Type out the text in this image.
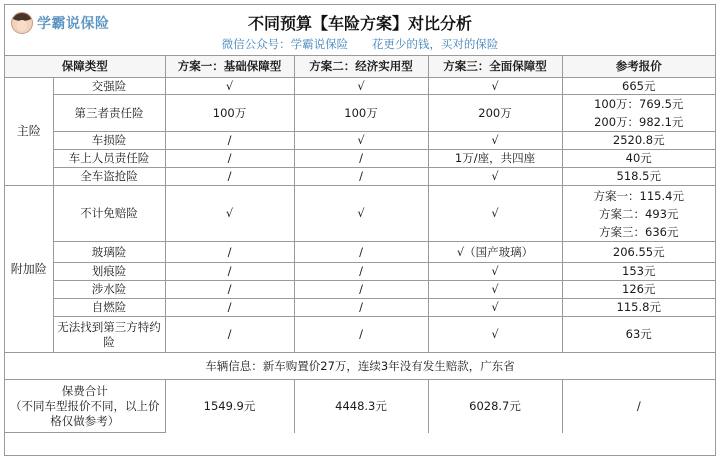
学霸说保险	不同预算【车险方案】对比分析
微信公众号：学霸说保险 花更少的钱，买对的保险
保障类型		方案一：基础保障型	方案二：经济实用型	方案三：全面保障型	参考报价
主险	交强险	√	√	√	665元
	第三者责任险	100万	100万	200万	100万：769.5元
200万：982.1元

	车损险	/	√	√	2520.8元
	车上人员责任险	/	/	1万/座，共四座	40元
	全车盗抢险	/	/	√	518.5元
附加险	不计免赔险	√	√	√	方案一：115.4元
方案二：493元
方案三：636元

	玻璃险	/	/	√（国产玻璃）	206.55元
	划痕险	/	/	√	153元
	涉水险	/	/	√	126元
	自燃险	/	/	√	115.8元
	无法找到第三方特约险	/	/	√	63元
车辆信息：新车购置价27万，连续3年没有发生赔款，广东省					

保费合计
（不同车型报价不同，以上价格仅做参考）		1549.9元	4448.3元	6028.7元	/
